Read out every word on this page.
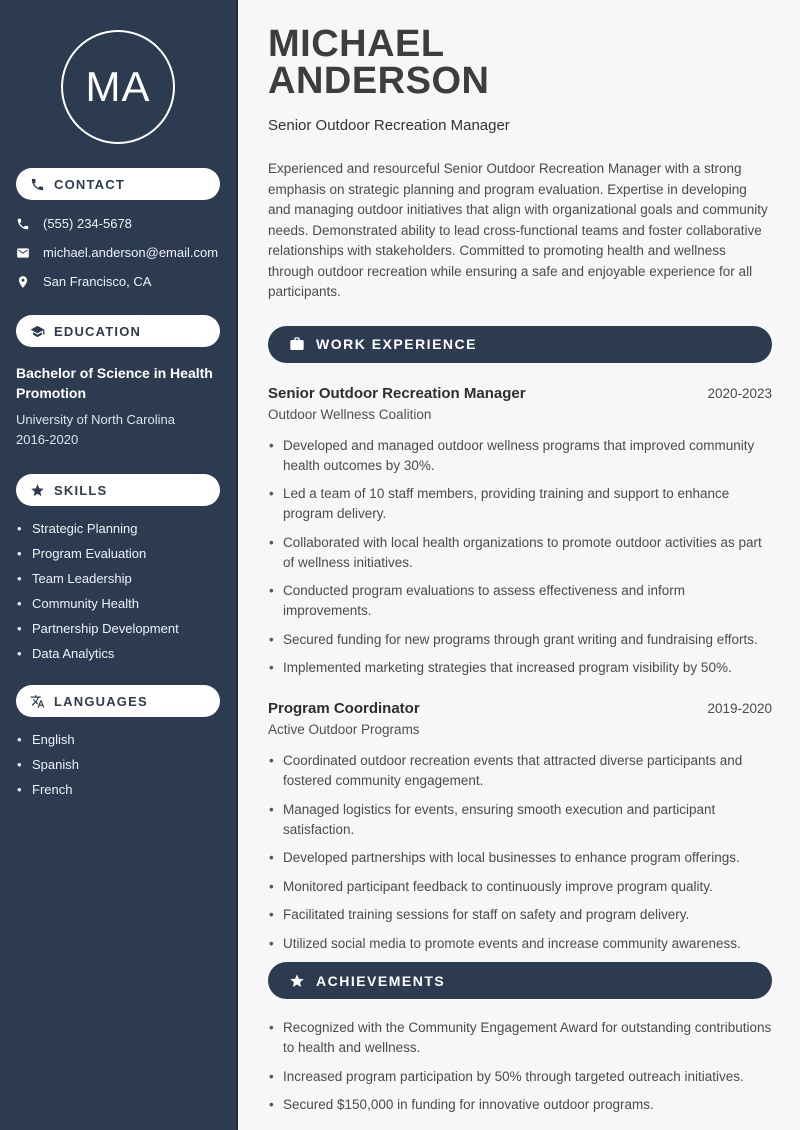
MA
CONTACT
(555) 234-5678
michael.anderson@email.com
San Francisco, CA
EDUCATION

Bachelor of Science in Health Promotion

University of North Carolina

2016-2020

SKILLS
• Strategic Planning
• Program Evaluation
• Team Leadership
• Community Health
• Partnership Development
• Data Analytics
LANGUAGES
• English
• Spanish
• French
MICHAEL
ANDERSON

Senior Outdoor Recreation Manager

Experienced and resourceful Senior Outdoor Recreation Manager with a strong emphasis on strategic planning and program evaluation. Expertise in developing and managing outdoor initiatives that align with organizational goals and community needs. Demonstrated ability to lead cross-functional teams and foster collaborative relationships with stakeholders. Committed to promoting health and wellness through outdoor recreation while ensuring a safe and enjoyable experience for all participants.

WORK EXPERIENCE
Senior Outdoor Recreation Manager	2020-2023

Outdoor Wellness Coalition

• Developed and managed outdoor wellness programs that improved community health outcomes by 30%.
• Led a team of 10 staff members, providing training and support to enhance program delivery.
• Collaborated with local health organizations to promote outdoor activities as part of wellness initiatives.
• Conducted program evaluations to assess effectiveness and inform improvements.
• Secured funding for new programs through grant writing and fundraising efforts.
• Implemented marketing strategies that increased program visibility by 50%.
Program Coordinator	2019-2020

Active Outdoor Programs

• Coordinated outdoor recreation events that attracted diverse participants and fostered community engagement.
• Managed logistics for events, ensuring smooth execution and participant satisfaction.
• Developed partnerships with local businesses to enhance program offerings.
• Monitored participant feedback to continuously improve program quality.
• Facilitated training sessions for staff on safety and program delivery.
• Utilized social media to promote events and increase community awareness.
ACHIEVEMENTS
• Recognized with the Community Engagement Award for outstanding contributions to health and wellness.
• Increased program participation by 50% through targeted outreach initiatives.
• Secured $150,000 in funding for innovative outdoor programs.
